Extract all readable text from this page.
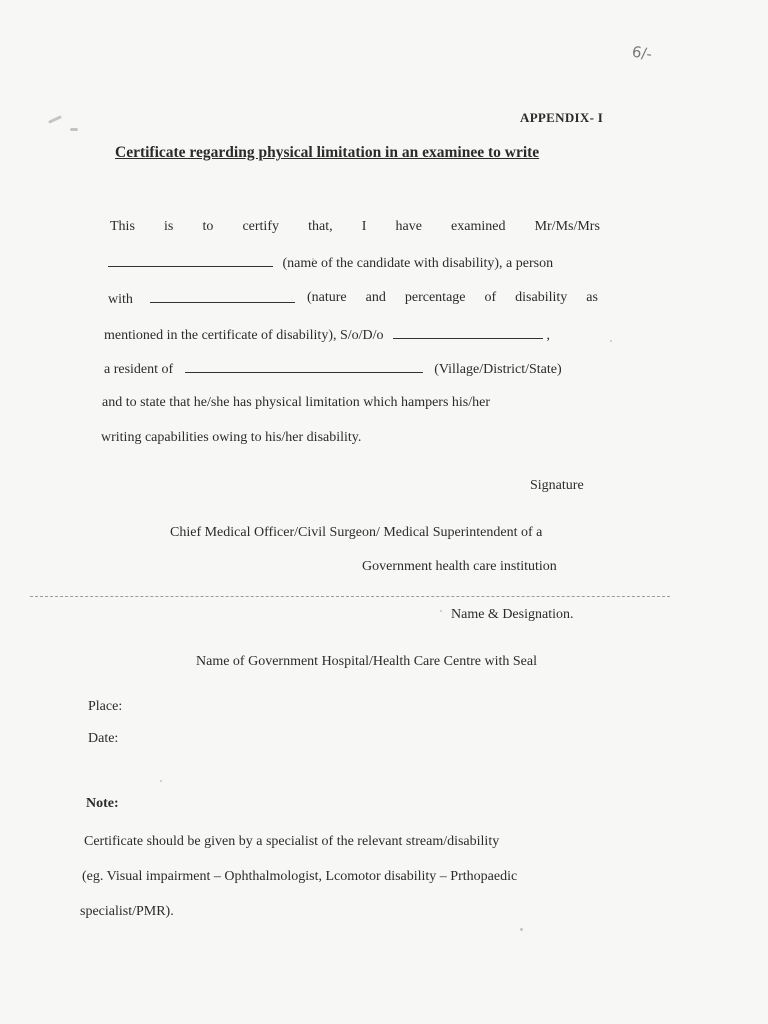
6/-
APPENDIX- I
Certificate regarding physical limitation in an examinee to write
This is to certify that, I have examined Mr/Ms/Mrs
(name of the candidate with disability), a person
with	(nature and percentage of disability as
mentioned in the certificate of disability), S/o/D/o	,
a resident of	(Village/District/State)
and to state that he/she has physical limitation which hampers his/her
writing capabilities owing to his/her disability.
Signature
Chief Medical Officer/Civil Surgeon/ Medical Superintendent of a
Government health care institution
Name & Designation.
Name of Government Hospital/Health Care Centre with Seal
Place:
Date:
Note:
Certificate should be given by a specialist of the relevant stream/disability
(eg. Visual impairment – Ophthalmologist, Lcomotor disability – Prthopaedic
specialist/PMR).
